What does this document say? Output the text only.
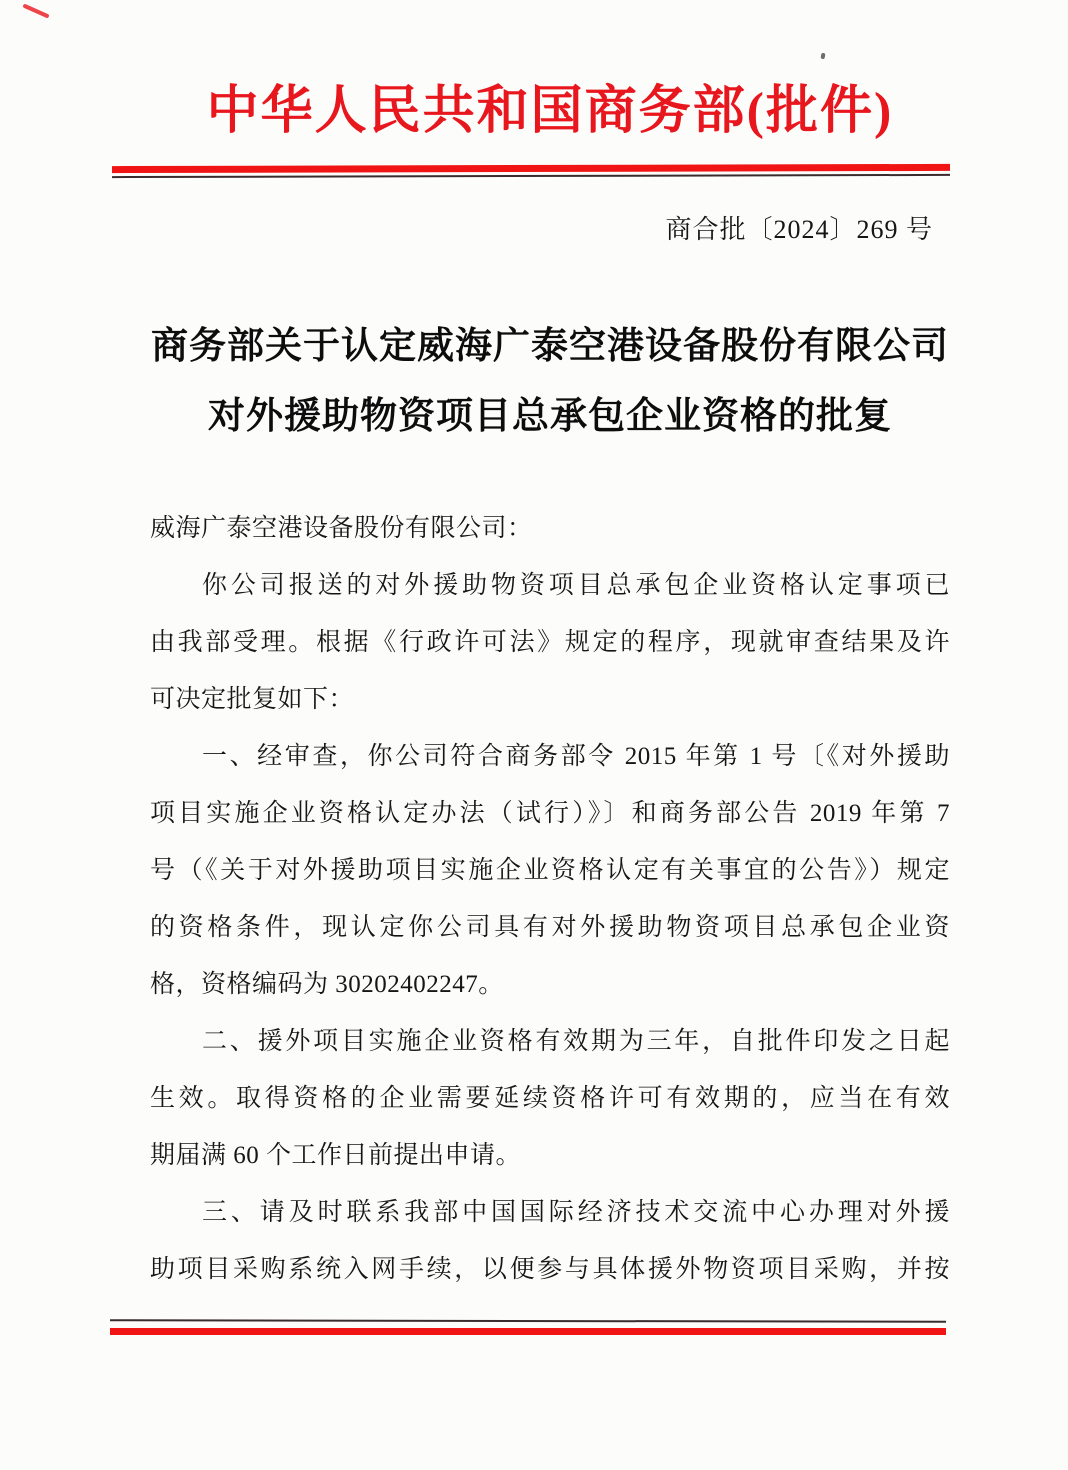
中华人民共和国商务部(批件)
商合批〔2024〕269 号
商务部关于认定威海广泰空港设备股份有限公司
对外援助物资项目总承包企业资格的批复
威海广泰空港设备股份有限公司：
你公司报送的对外援助物资项目总承包企业资格认定事项已
由我部受理。根据《行政许可法》规定的程序，现就审查结果及许
可决定批复如下：
一、经审查，你公司符合商务部令 2015 年第 1 号〔《对外援助
项目实施企业资格认定办法（试行）》〕和商务部公告 2019 年第 7
号（《关于对外援助项目实施企业资格认定有关事宜的公告》）规定
的资格条件，现认定你公司具有对外援助物资项目总承包企业资
格，资格编码为 30202402247。
二、援外项目实施企业资格有效期为三年，自批件印发之日起
生效。取得资格的企业需要延续资格许可有效期的，应当在有效
期届满 60 个工作日前提出申请。
三、请及时联系我部中国国际经济技术交流中心办理对外援
助项目采购系统入网手续，以便参与具体援外物资项目采购，并按
